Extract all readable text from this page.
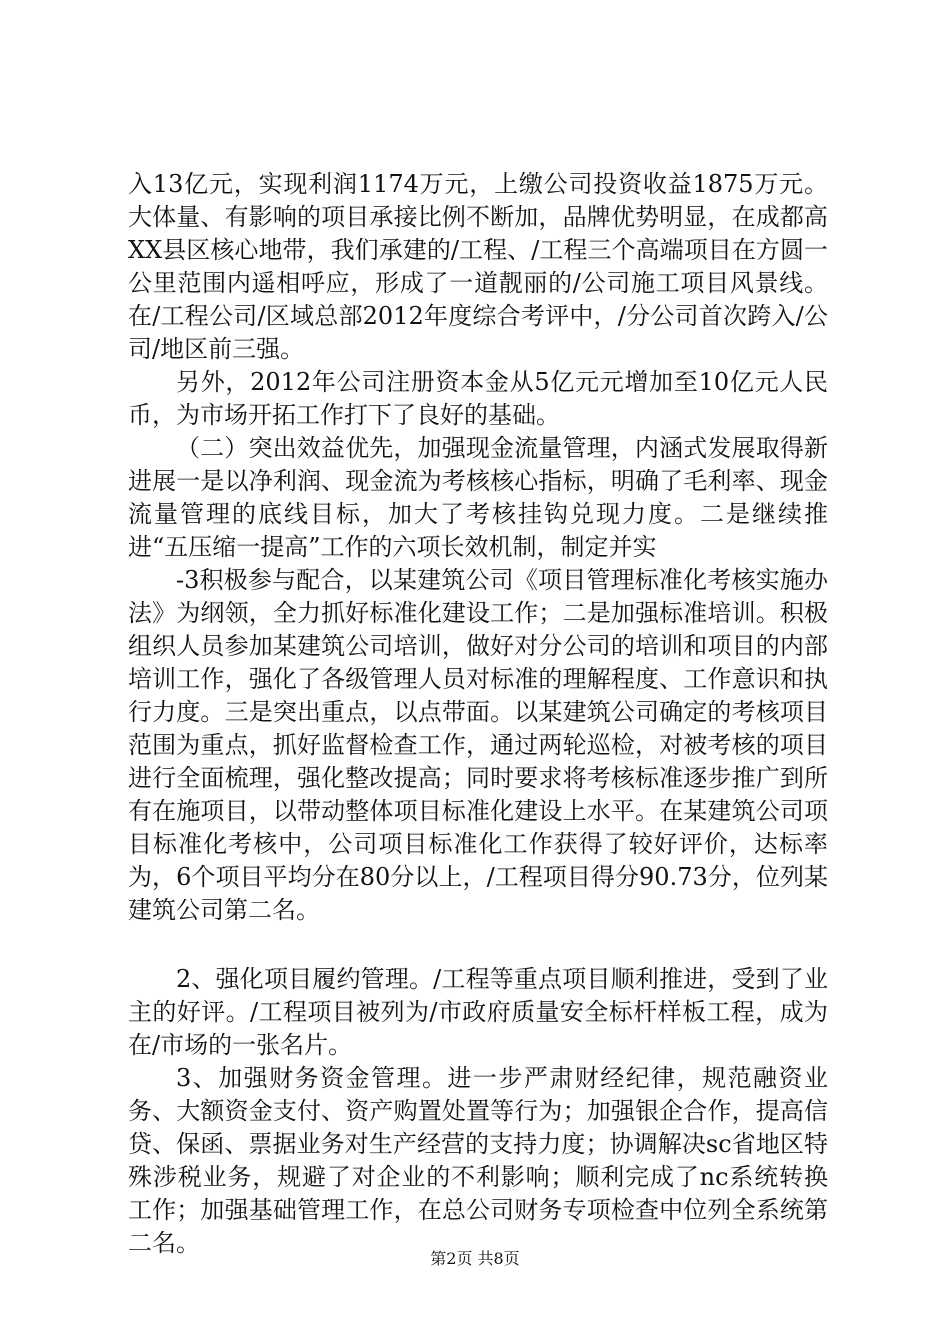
入13亿元，实现利润1174万元，上缴公司投资收益1875万元。大体量、有影响的项目承接比例不断加，品牌优势明显，在成都高XX县区核心地带，我们承建的/工程、/工程三个高端项目在方圆一公里范围内遥相呼应，形成了一道靓丽的/公司施工项目风景线。在/工程公司/区域总部2012年度综合考评中，/分公司首次跨入/公司/地区前三强。

另外，2012年公司注册资本金从5亿元元增加至10亿元人民币，为市场开拓工作打下了良好的基础。

（二）突出效益优先，加强现金流量管理，内涵式发展取得新进展一是以净利润、现金流为考核核心指标，明确了毛利率、现金流量管理的底线目标，加大了考核挂钩兑现力度。二是继续推进“五压缩一提高”工作的六项长效机制，制定并实

-3积极参与配合，以某建筑公司《项目管理标准化考核实施办法》为纲领，全力抓好标准化建设工作；二是加强标准培训。积极组织人员参加某建筑公司培训，做好对分公司的培训和项目的内部培训工作，强化了各级管理人员对标准的理解程度、工作意识和执行力度。三是突出重点，以点带面。以某建筑公司确定的考核项目范围为重点，抓好监督检查工作，通过两轮巡检，对被考核的项目进行全面梳理，强化整改提高；同时要求将考核标准逐步推广到所有在施项目，以带动整体项目标准化建设上水平。在某建筑公司项目标准化考核中，公司项目标准化工作获得了较好评价，达标率为，6个项目平均分在80分以上，/工程项目得分90.73分，位列某建筑公司第二名。

2、强化项目履约管理。/工程等重点项目顺利推进，受到了业主的好评。/工程项目被列为/市政府质量安全标杆样板工程，成为在/市场的一张名片。

3、加强财务资金管理。进一步严肃财经纪律，规范融资业务、大额资金支付、资产购置处置等行为；加强银企合作，提高信贷、保函、票据业务对生产经营的支持力度；协调解决sc省地区特殊涉税业务，规避了对企业的不利影响；顺利完成了nc系统转换工作；加强基础管理工作，在总公司财务专项检查中位列全系统第二名。

第2页 共8页
